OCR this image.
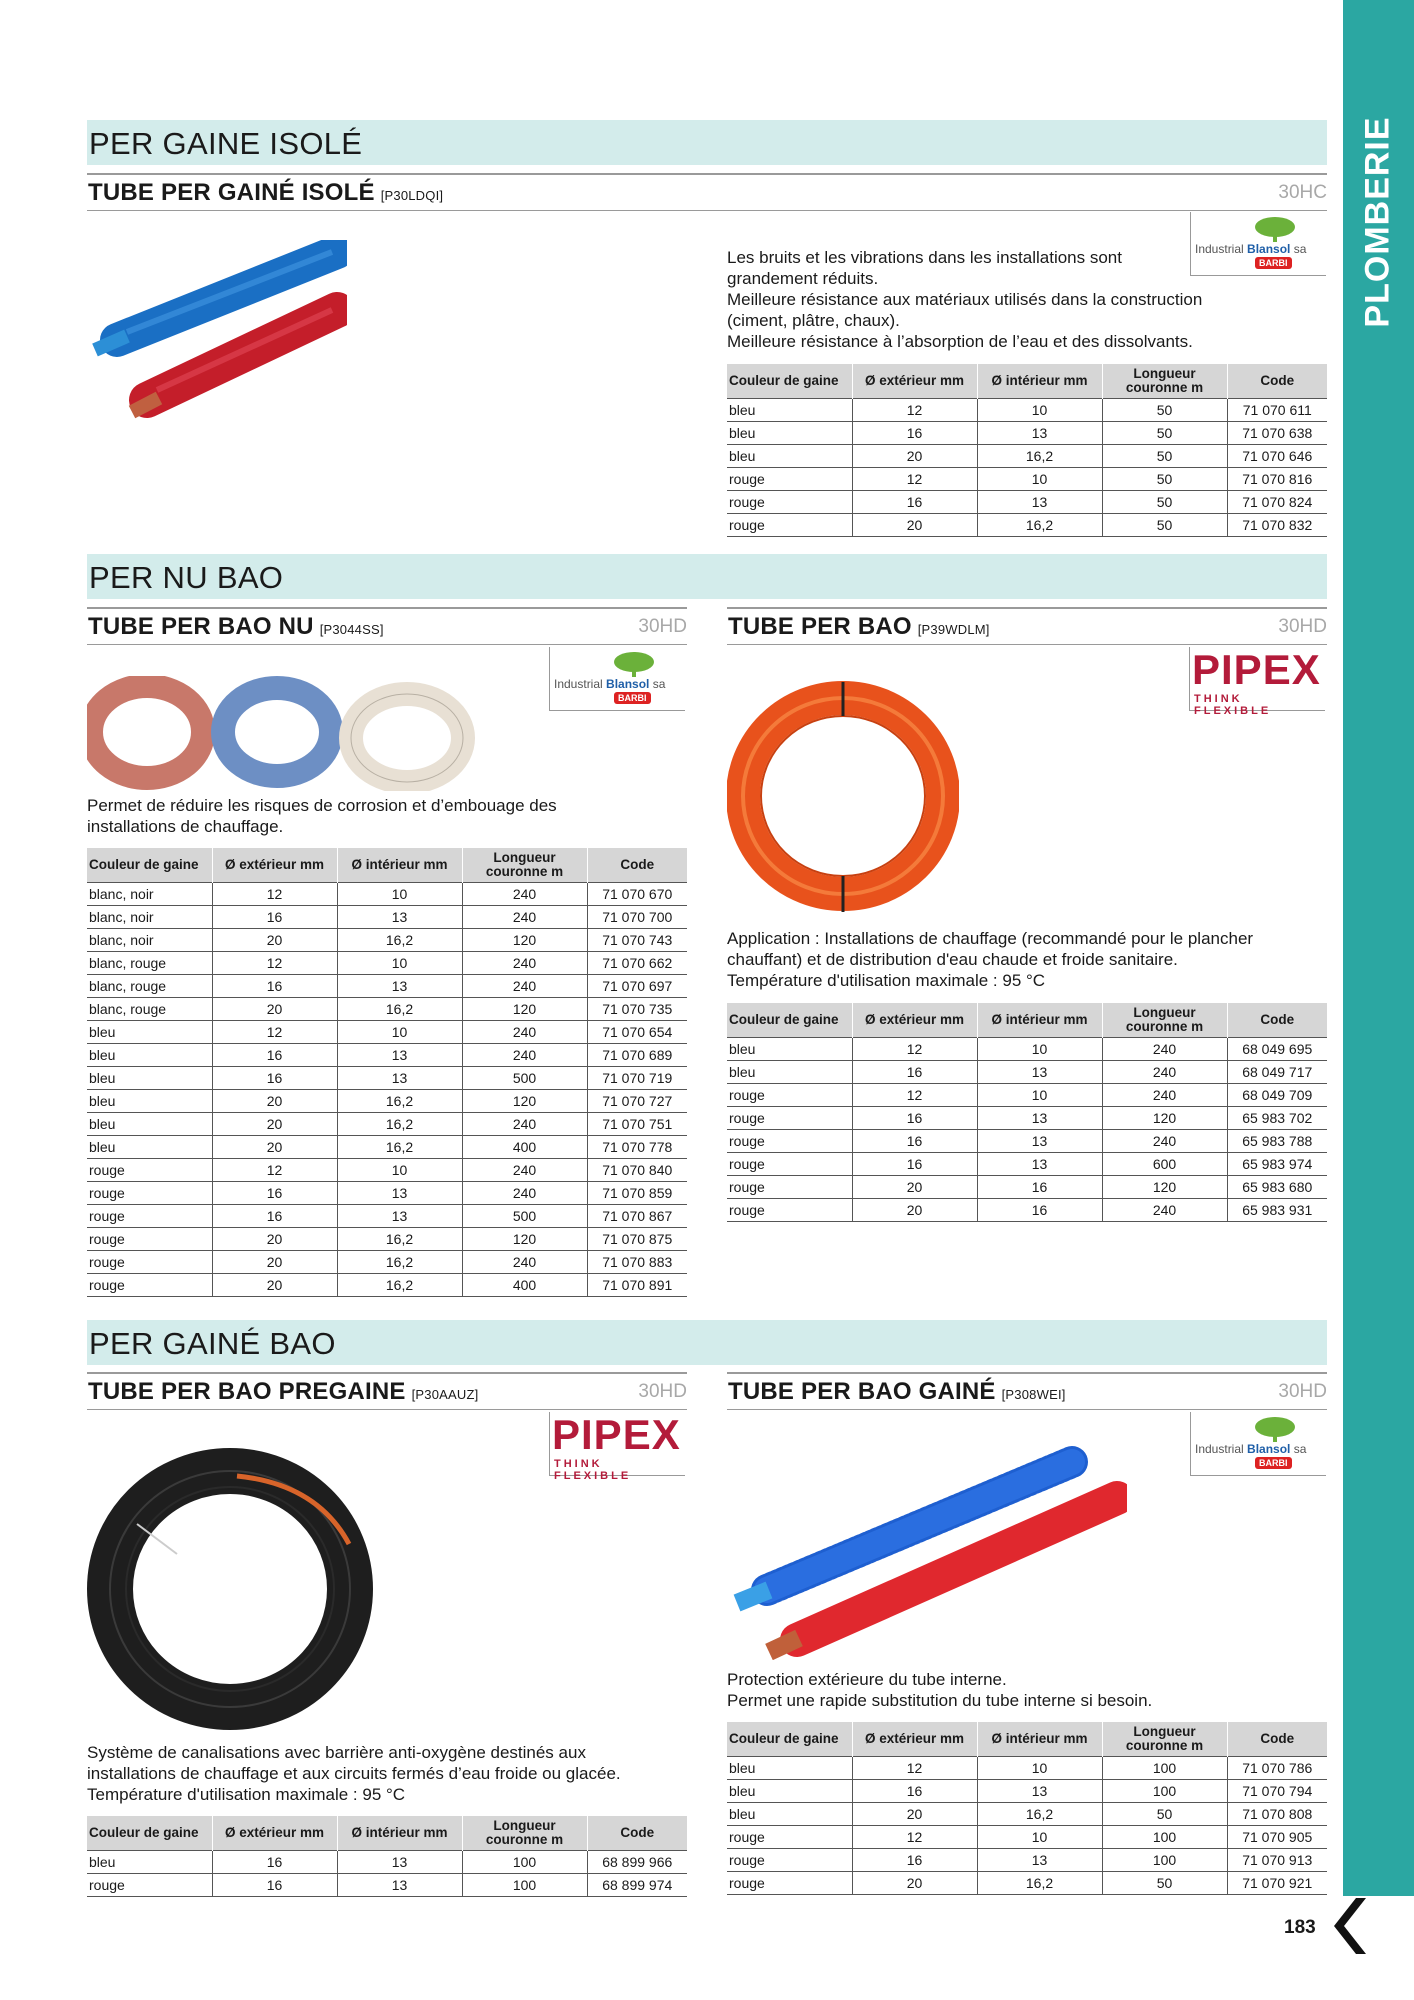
PLOMBERIE
183
PER GAINE ISOLÉ
TUBE PER GAINÉ ISOLÉ [P30LDQI]	30HC
Industrial Blansol sa
BARBI
Les bruits et les vibrations dans les installations sont
grandement réduits.
Meilleure résistance aux matériaux utilisés dans la construction
(ciment, plâtre, chaux).
Meilleure résistance à l’absorption de l’eau et des dissolvants.
Couleur de gaine	Ø extérieur mm	Ø intérieur mm	Longueur couronne m	Code
bleu	12	10	50	71 070 611
bleu	16	13	50	71 070 638
bleu	20	16,2	50	71 070 646
rouge	12	10	50	71 070 816
rouge	16	13	50	71 070 824
rouge	20	16,2	50	71 070 832
PER NU BAO
TUBE PER BAO NU [P3044SS]	30HD
Industrial Blansol sa
BARBI
Permet de réduire les risques de corrosion et d’embouage des
installations de chauffage.
Couleur de gaine	Ø extérieur mm	Ø intérieur mm	Longueur couronne m	Code
blanc, noir	12	10	240	71 070 670
blanc, noir	16	13	240	71 070 700
blanc, noir	20	16,2	120	71 070 743
blanc, rouge	12	10	240	71 070 662
blanc, rouge	16	13	240	71 070 697
blanc, rouge	20	16,2	120	71 070 735
bleu	12	10	240	71 070 654
bleu	16	13	240	71 070 689
bleu	16	13	500	71 070 719
bleu	20	16,2	120	71 070 727
bleu	20	16,2	240	71 070 751
bleu	20	16,2	400	71 070 778
rouge	12	10	240	71 070 840
rouge	16	13	240	71 070 859
rouge	16	13	500	71 070 867
rouge	20	16,2	120	71 070 875
rouge	20	16,2	240	71 070 883
rouge	20	16,2	400	71 070 891
TUBE PER BAO [P39WDLM]	30HD
PIPEX
THINK FLEXIBLE
Application : Installations de chauffage (recommandé pour le plancher
chauffant) et de distribution d'eau chaude et froide sanitaire.
Température d'utilisation maximale : 95 °C
Couleur de gaine	Ø extérieur mm	Ø intérieur mm	Longueur couronne m	Code
bleu	12	10	240	68 049 695
bleu	16	13	240	68 049 717
rouge	12	10	240	68 049 709
rouge	16	13	120	65 983 702
rouge	16	13	240	65 983 788
rouge	16	13	600	65 983 974
rouge	20	16	120	65 983 680
rouge	20	16	240	65 983 931
PER GAINÉ BAO
TUBE PER BAO PREGAINE [P30AAUZ]	30HD
PIPEX
THINK FLEXIBLE
Système de canalisations avec barrière anti-oxygène destinés aux
installations de chauffage et aux circuits fermés d’eau froide ou glacée.
Température d'utilisation maximale : 95 °C
Couleur de gaine	Ø extérieur mm	Ø intérieur mm	Longueur couronne m	Code
bleu	16	13	100	68 899 966
rouge	16	13	100	68 899 974
TUBE PER BAO GAINÉ [P308WEI]	30HD
Industrial Blansol sa
BARBI
Protection extérieure du tube interne.
Permet une rapide substitution du tube interne si besoin.
Couleur de gaine	Ø extérieur mm	Ø intérieur mm	Longueur couronne m	Code
bleu	12	10	100	71 070 786
bleu	16	13	100	71 070 794
bleu	20	16,2	50	71 070 808
rouge	12	10	100	71 070 905
rouge	16	13	100	71 070 913
rouge	20	16,2	50	71 070 921
